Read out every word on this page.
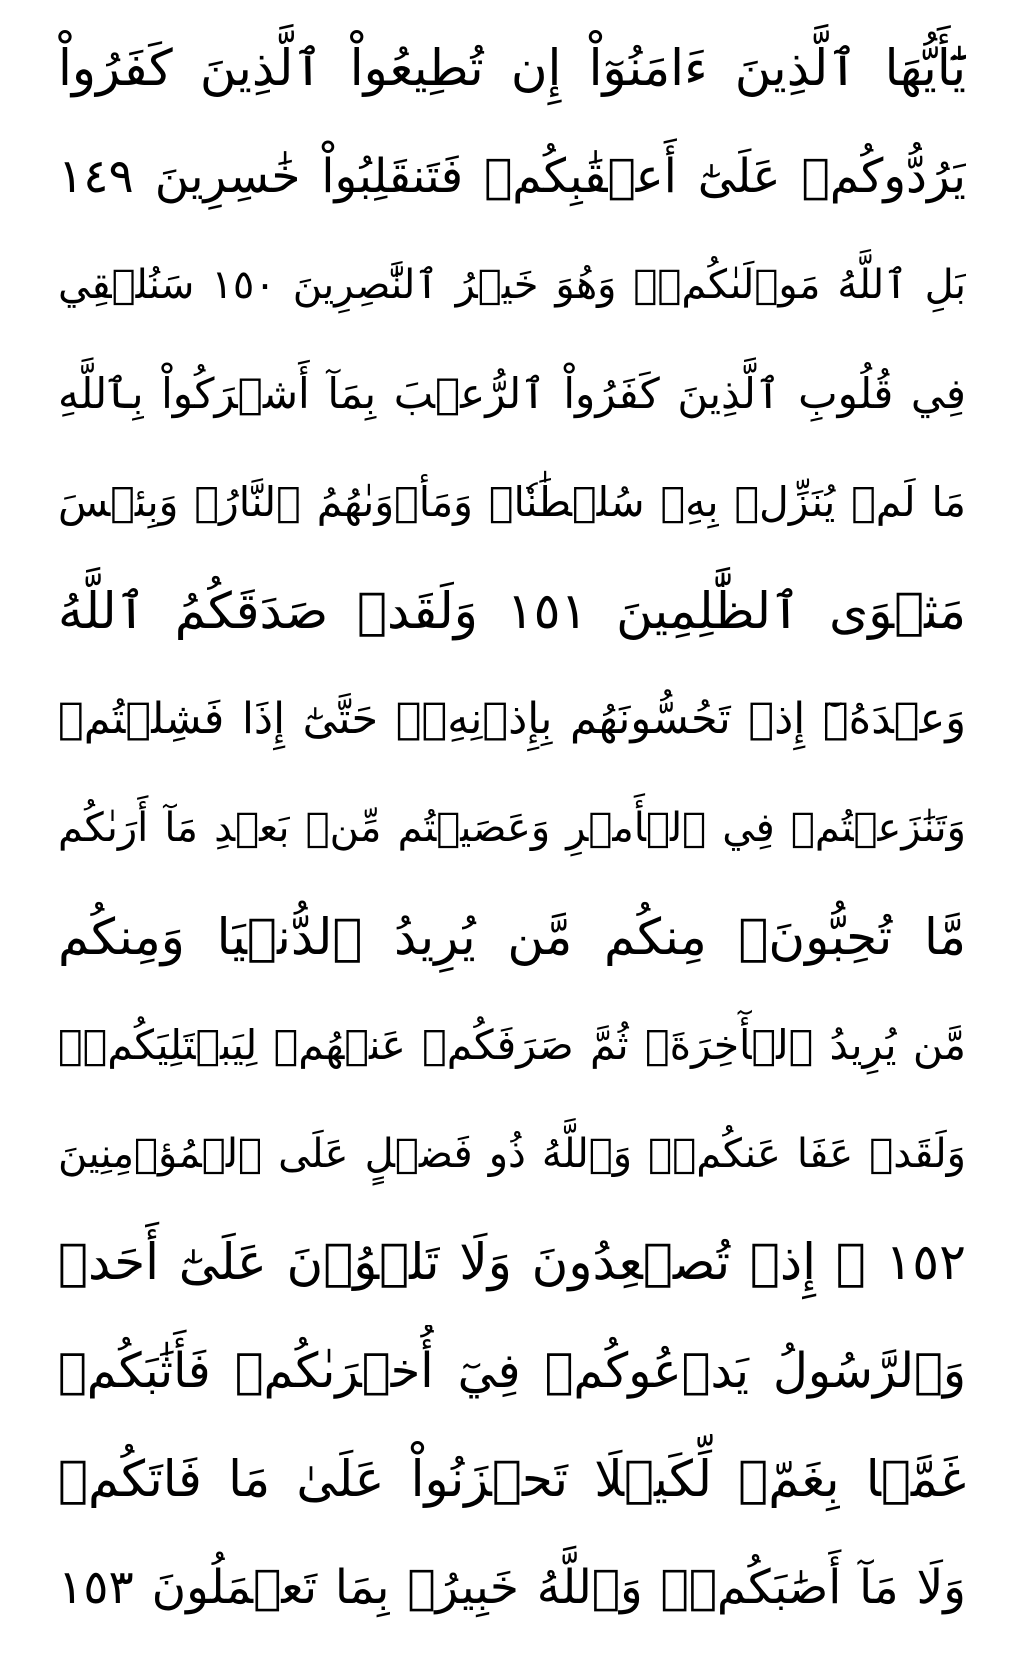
يَٰٓأَيُّهَا ٱلَّذِينَ ءَامَنُوٓاْ إِن تُطِيعُواْ ٱلَّذِينَ كَفَرُواْ
يَرُدُّوكُمۡ عَلَىٰٓ أَعۡقَٰبِكُمۡ فَتَنقَلِبُواْ خَٰسِرِينَ ١٤٩
بَلِ ٱللَّهُ مَوۡلَىٰكُمۡۖ وَهُوَ خَيۡرُ ٱلنَّٰصِرِينَ ١٥٠ سَنُلۡقِي
فِي قُلُوبِ ٱلَّذِينَ كَفَرُواْ ٱلرُّعۡبَ بِمَآ أَشۡرَكُواْ بِٱللَّهِ
مَا لَمۡ يُنَزِّلۡ بِهِۦ سُلۡطَٰنٗاۖ وَمَأۡوَىٰهُمُ ٱلنَّارُۚ وَبِئۡسَ
مَثۡوَى ٱلظَّٰلِمِينَ ١٥١ وَلَقَدۡ صَدَقَكُمُ ٱللَّهُ
وَعۡدَهُۥٓ إِذۡ تَحُسُّونَهُم بِإِذۡنِهِۦۖ حَتَّىٰٓ إِذَا فَشِلۡتُمۡ
وَتَنَٰزَعۡتُمۡ فِي ٱلۡأَمۡرِ وَعَصَيۡتُم مِّنۢ بَعۡدِ مَآ أَرَىٰكُم
مَّا تُحِبُّونَۚ مِنكُم مَّن يُرِيدُ ٱلدُّنۡيَا وَمِنكُم
مَّن يُرِيدُ ٱلۡأٓخِرَةَۚ ثُمَّ صَرَفَكُمۡ عَنۡهُمۡ لِيَبۡتَلِيَكُمۡۖ
وَلَقَدۡ عَفَا عَنكُمۡۗ وَٱللَّهُ ذُو فَضۡلٍ عَلَى ٱلۡمُؤۡمِنِينَ
١٥٢ ۞ إِذۡ تُصۡعِدُونَ وَلَا تَلۡوُۥنَ عَلَىٰٓ أَحَدٖ
وَٱلرَّسُولُ يَدۡعُوكُمۡ فِيٓ أُخۡرَىٰكُمۡ فَأَثَٰبَكُمۡ
غَمَّۢا بِغَمّٖ لِّكَيۡلَا تَحۡزَنُواْ عَلَىٰ مَا فَاتَكُمۡ
وَلَا مَآ أَصَٰبَكُمۡۗ وَٱللَّهُ خَبِيرُۢ بِمَا تَعۡمَلُونَ ١٥٣
